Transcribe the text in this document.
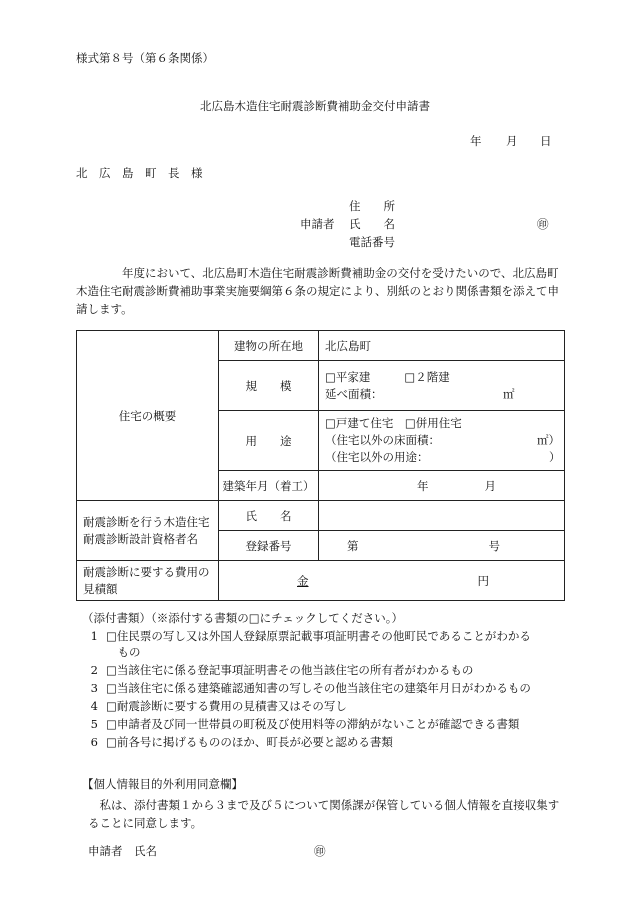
様式第８号（第６条関係）
北広島木造住宅耐震診断費補助金交付申請書
年 月 日
北　広　島　町　長　様
住　　所
申請者 氏　　名	㊞
電話番号
　　　　年度において、北広島町木造住宅耐震診断費補助金の交付を受けたいので、北広島町木造住宅耐震診断費補助事業実施要綱第６条の規定により、別紙のとおり関係書類を添えて申請します。
住宅の概要	建物の所在地	北広島町
	規　　模	□平家建 □２階建
延べ面積： ㎡

	用　　途	□戸建て住宅　□併用住宅
（住宅以外の床面積： ㎡）
（住宅以外の用途： ）

	建築年月（着工）	年 月
耐震診断を行う木造住宅耐震診断設計資格者名	氏　　名	
	登録番号	第 号
耐震診断に要する費用の見積額	金 円	
（添付書類）（※添付する書類の□にチェックしてください。）
1 □住民票の写し又は外国人登録原票記載事項証明書その他町民であることがわかる
　もの
2 □当該住宅に係る登記事項証明書その他当該住宅の所有者がわかるもの
3 □当該住宅に係る建築確認通知書の写しその他当該住宅の建築年月日がわかるもの
4 □耐震診断に要する費用の見積書又はその写し
5 □申請者及び同一世帯員の町税及び使用料等の滞納がないことが確認できる書類
6 □前各号に掲げるもののほか、町長が必要と認める書類
【個人情報目的外利用同意欄】
　私は、添付書類１から３まで及び５について関係課が保管している個人情報を直接収集することに同意します。
申請者　氏名	㊞
